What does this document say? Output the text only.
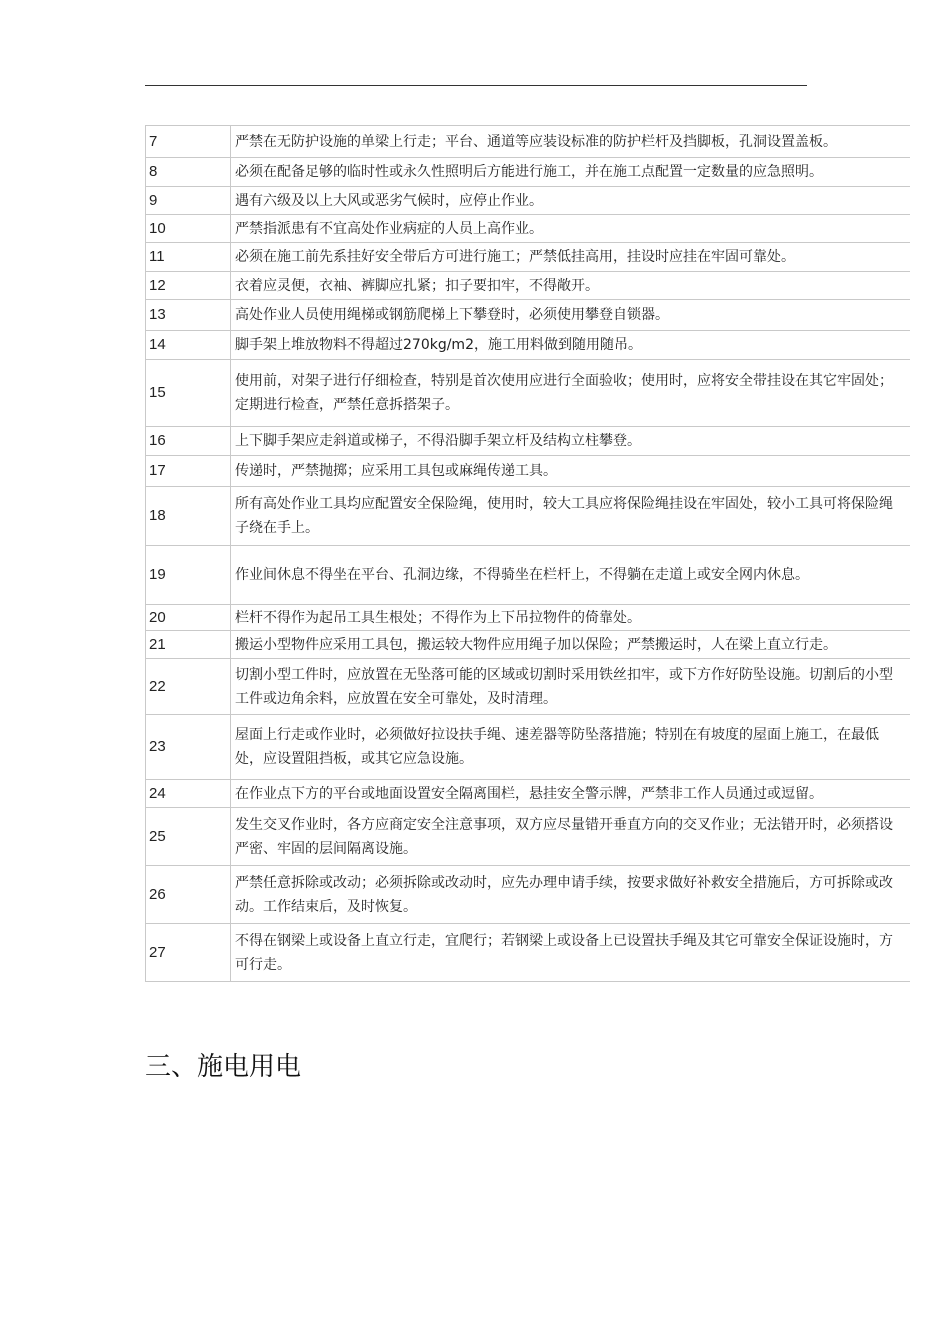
7	严禁在无防护设施的单梁上行走；平台、通道等应装设标准的防护栏杆及挡脚板，孔洞设置盖板。
8	必须在配备足够的临时性或永久性照明后方能进行施工，并在施工点配置一定数量的应急照明。
9	遇有六级及以上大风或恶劣气候时，应停止作业。
10	严禁指派患有不宜高处作业病症的人员上高作业。
11	必须在施工前先系挂好安全带后方可进行施工；严禁低挂高用，挂设时应挂在牢固可靠处。
12	衣着应灵便，衣袖、裤脚应扎紧；扣子要扣牢，不得敞开。
13	高处作业人员使用绳梯或钢筋爬梯上下攀登时，必须使用攀登自锁器。
14	脚手架上堆放物料不得超过270kg/m2，施工用料做到随用随吊。
15	使用前，对架子进行仔细检查，特别是首次使用应进行全面验收；使用时，应将安全带挂设在其它牢固处；定期进行检查，严禁任意拆搭架子。
16	上下脚手架应走斜道或梯子，不得沿脚手架立杆及结构立柱攀登。
17	传递时，严禁抛掷；应采用工具包或麻绳传递工具。
18	所有高处作业工具均应配置安全保险绳，使用时，较大工具应将保险绳挂设在牢固处，较小工具可将保险绳子绕在手上。
19	作业间休息不得坐在平台、孔洞边缘，不得骑坐在栏杆上，不得躺在走道上或安全网内休息。
20	栏杆不得作为起吊工具生根处；不得作为上下吊拉物件的倚靠处。
21	搬运小型物件应采用工具包，搬运较大物件应用绳子加以保险；严禁搬运时，人在梁上直立行走。
22	切割小型工件时，应放置在无坠落可能的区域或切割时采用铁丝扣牢，或下方作好防坠设施。切割后的小型工件或边角余料，应放置在安全可靠处，及时清理。
23	屋面上行走或作业时，必须做好拉设扶手绳、速差器等防坠落措施；特别在有坡度的屋面上施工，在最低处，应设置阻挡板，或其它应急设施。
24	在作业点下方的平台或地面设置安全隔离围栏，悬挂安全警示牌，严禁非工作人员通过或逗留。
25	发生交叉作业时，各方应商定安全注意事项，双方应尽量错开垂直方向的交叉作业；无法错开时，必须搭设严密、牢固的层间隔离设施。
26	严禁任意拆除或改动；必须拆除或改动时，应先办理申请手续，按要求做好补救安全措施后，方可拆除或改动。工作结束后，及时恢复。
27	不得在钢梁上或设备上直立行走，宜爬行；若钢梁上或设备上已设置扶手绳及其它可靠安全保证设施时，方可行走。
三、施电用电
